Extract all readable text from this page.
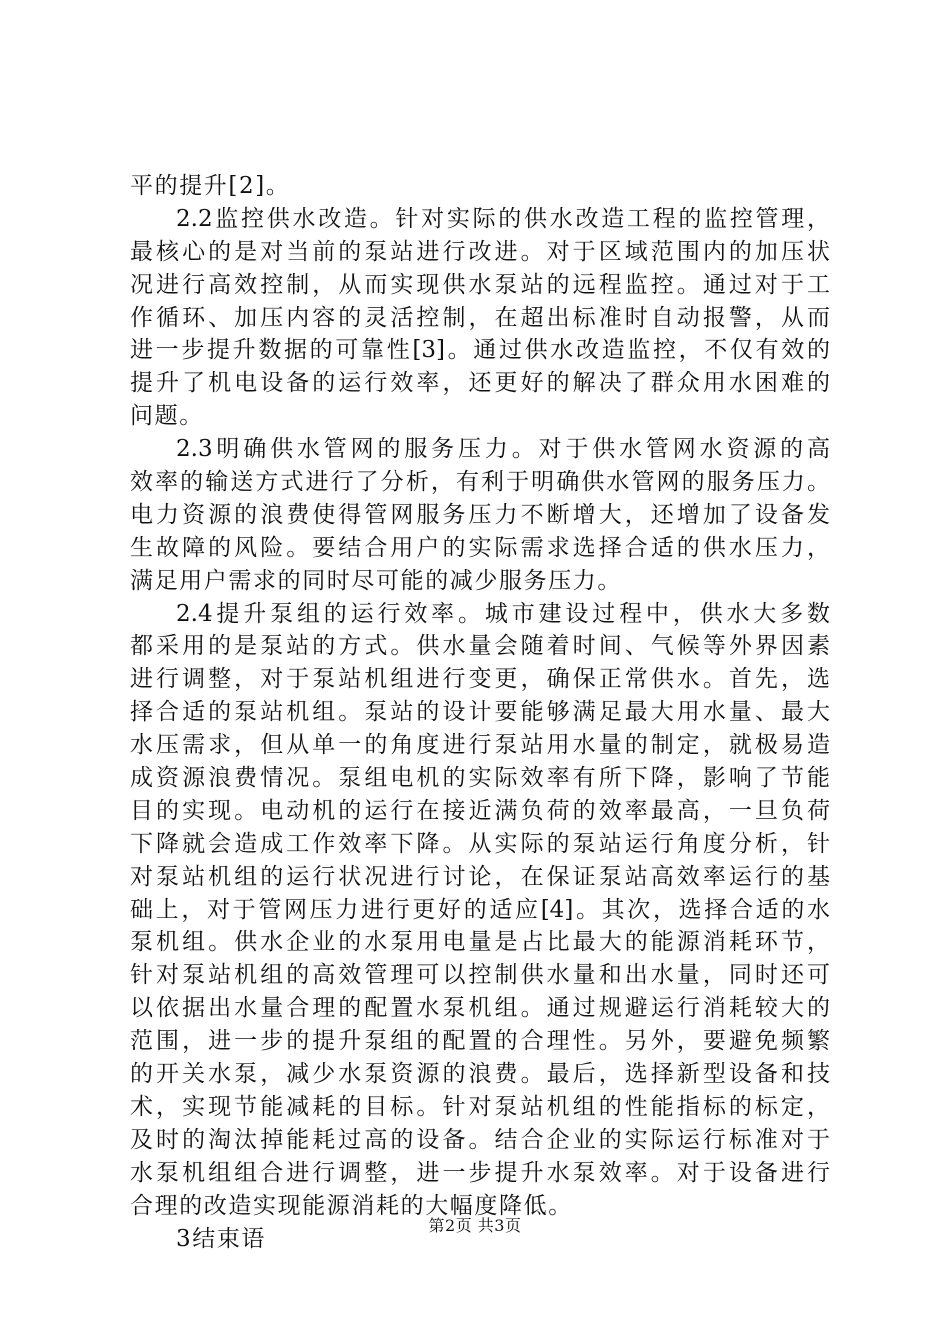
平的提升[2]。
2.2监控供水改造。针对实际的供水改造工程的监控管理，
最核心的是对当前的泵站进行改进。对于区域范围内的加压状
况进行高效控制，从而实现供水泵站的远程监控。通过对于工
作循环、加压内容的灵活控制，在超出标准时自动报警，从而
进一步提升数据的可靠性[3]。通过供水改造监控，不仅有效的
提升了机电设备的运行效率，还更好的解决了群众用水困难的
问题。
2.3明确供水管网的服务压力。对于供水管网水资源的高
效率的输送方式进行了分析，有利于明确供水管网的服务压力。
电力资源的浪费使得管网服务压力不断增大，还增加了设备发
生故障的风险。要结合用户的实际需求选择合适的供水压力，
满足用户需求的同时尽可能的减少服务压力。
2.4提升泵组的运行效率。城市建设过程中，供水大多数
都采用的是泵站的方式。供水量会随着时间、气候等外界因素
进行调整，对于泵站机组进行变更，确保正常供水。首先，选
择合适的泵站机组。泵站的设计要能够满足最大用水量、最大
水压需求，但从单一的角度进行泵站用水量的制定，就极易造
成资源浪费情况。泵组电机的实际效率有所下降，影响了节能
目的实现。电动机的运行在接近满负荷的效率最高，一旦负荷
下降就会造成工作效率下降。从实际的泵站运行角度分析，针
对泵站机组的运行状况进行讨论，在保证泵站高效率运行的基
础上，对于管网压力进行更好的适应[4]。其次，选择合适的水
泵机组。供水企业的水泵用电量是占比最大的能源消耗环节，
针对泵站机组的高效管理可以控制供水量和出水量，同时还可
以依据出水量合理的配置水泵机组。通过规避运行消耗较大的
范围，进一步的提升泵组的配置的合理性。另外，要避免频繁
的开关水泵，减少水泵资源的浪费。最后，选择新型设备和技
术，实现节能减耗的目标。针对泵站机组的性能指标的标定，
及时的淘汰掉能耗过高的设备。结合企业的实际运行标准对于
水泵机组组合进行调整，进一步提升水泵效率。对于设备进行
合理的改造实现能源消耗的大幅度降低。
3结束语	第2页 共3页
